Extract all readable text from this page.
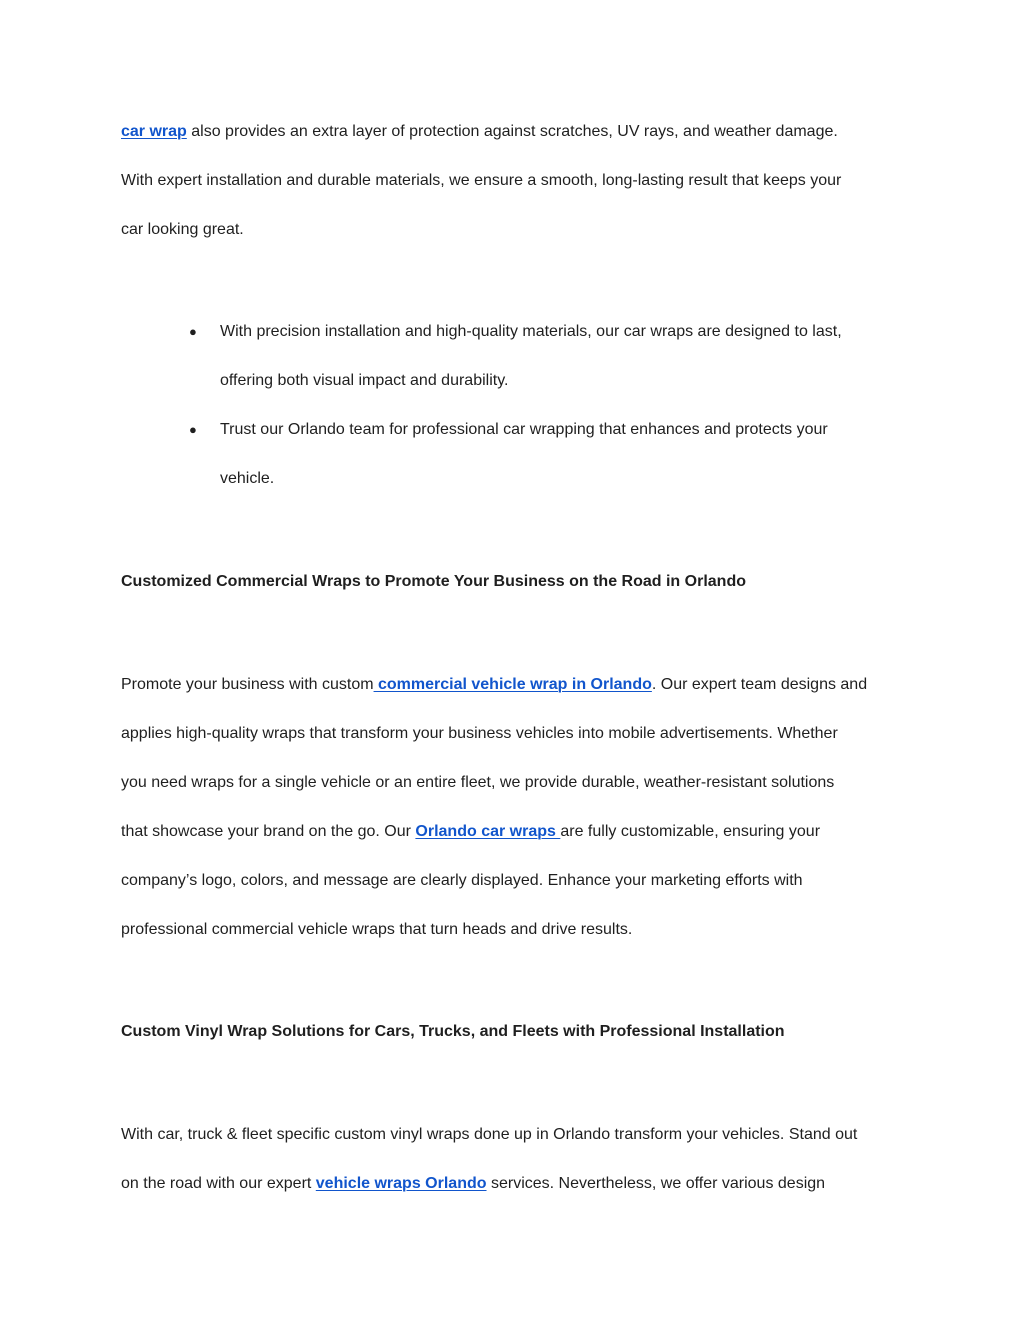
car wrap also provides an extra layer of protection against scratches, UV rays, and weather damage.
With expert installation and durable materials, we ensure a smooth, long-lasting result that keeps your
car looking great.
● With precision installation and high-quality materials, our car wraps are designed to last,
offering both visual impact and durability.
● Trust our Orlando team for professional car wrapping that enhances and protects your
vehicle.
Customized Commercial Wraps to Promote Your Business on the Road in Orlando
Promote your business with custom commercial vehicle wrap in Orlando. Our expert team designs and
applies high-quality wraps that transform your business vehicles into mobile advertisements. Whether
you need wraps for a single vehicle or an entire fleet, we provide durable, weather-resistant solutions
that showcase your brand on the go. Our Orlando car wraps are fully customizable, ensuring your
company’s logo, colors, and message are clearly displayed. Enhance your marketing efforts with
professional commercial vehicle wraps that turn heads and drive results.
Custom Vinyl Wrap Solutions for Cars, Trucks, and Fleets with Professional Installation
With car, truck & fleet specific custom vinyl wraps done up in Orlando transform your vehicles. Stand out
on the road with our expert vehicle wraps Orlando services. Nevertheless, we offer various design
